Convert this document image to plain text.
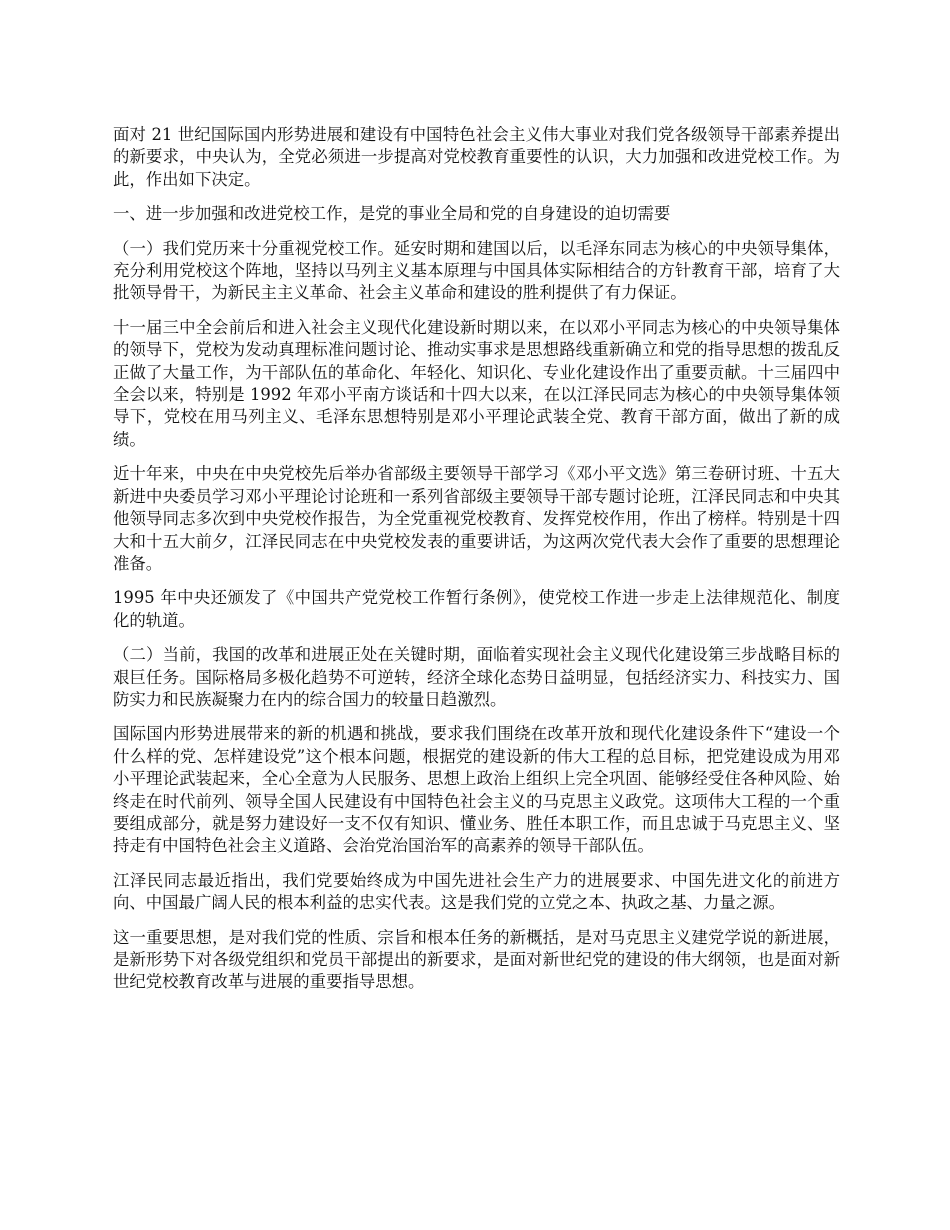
面对 21 世纪国际国内形势进展和建设有中国特色社会主义伟大事业对我们党各级领导干部素养提出的新要求，中央认为，全党必须进一步提高对党校教育重要性的认识，大力加强和改进党校工作。为此，作出如下决定。

一、进一步加强和改进党校工作，是党的事业全局和党的自身建设的迫切需要

（一）我们党历来十分重视党校工作。延安时期和建国以后，以毛泽东同志为核心的中央领导集体，充分利用党校这个阵地，坚持以马列主义基本原理与中国具体实际相结合的方针教育干部，培育了大批领导骨干，为新民主主义革命、社会主义革命和建设的胜利提供了有力保证。

十一届三中全会前后和进入社会主义现代化建设新时期以来，在以邓小平同志为核心的中央领导集体的领导下，党校为发动真理标准问题讨论、推动实事求是思想路线重新确立和党的指导思想的拨乱反正做了大量工作，为干部队伍的革命化、年轻化、知识化、专业化建设作出了重要贡献。十三届四中全会以来，特别是 1992 年邓小平南方谈话和十四大以来，在以江泽民同志为核心的中央领导集体领导下，党校在用马列主义、毛泽东思想特别是邓小平理论武装全党、教育干部方面，做出了新的成绩。

近十年来，中央在中央党校先后举办省部级主要领导干部学习《邓小平文选》第三卷研讨班、十五大新进中央委员学习邓小平理论讨论班和一系列省部级主要领导干部专题讨论班，江泽民同志和中央其他领导同志多次到中央党校作报告，为全党重视党校教育、发挥党校作用，作出了榜样。特别是十四大和十五大前夕，江泽民同志在中央党校发表的重要讲话，为这两次党代表大会作了重要的思想理论准备。

1995 年中央还颁发了《中国共产党党校工作暂行条例》，使党校工作进一步走上法律规范化、制度化的轨道。

（二）当前，我国的改革和进展正处在关键时期，面临着实现社会主义现代化建设第三步战略目标的艰巨任务。国际格局多极化趋势不可逆转，经济全球化态势日益明显，包括经济实力、科技实力、国防实力和民族凝聚力在内的综合国力的较量日趋激烈。

国际国内形势进展带来的新的机遇和挑战，要求我们围绕在改革开放和现代化建设条件下“建设一个什么样的党、怎样建设党”这个根本问题，根据党的建设新的伟大工程的总目标，把党建设成为用邓小平理论武装起来，全心全意为人民服务、思想上政治上组织上完全巩固、能够经受住各种风险、始终走在时代前列、领导全国人民建设有中国特色社会主义的马克思主义政党。这项伟大工程的一个重要组成部分，就是努力建设好一支不仅有知识、懂业务、胜任本职工作，而且忠诚于马克思主义、坚持走有中国特色社会主义道路、会治党治国治军的高素养的领导干部队伍。

江泽民同志最近指出，我们党要始终成为中国先进社会生产力的进展要求、中国先进文化的前进方向、中国最广阔人民的根本利益的忠实代表。这是我们党的立党之本、执政之基、力量之源。

这一重要思想，是对我们党的性质、宗旨和根本任务的新概括，是对马克思主义建党学说的新进展，是新形势下对各级党组织和党员干部提出的新要求，是面对新世纪党的建设的伟大纲领，也是面对新世纪党校教育改革与进展的重要指导思想。
